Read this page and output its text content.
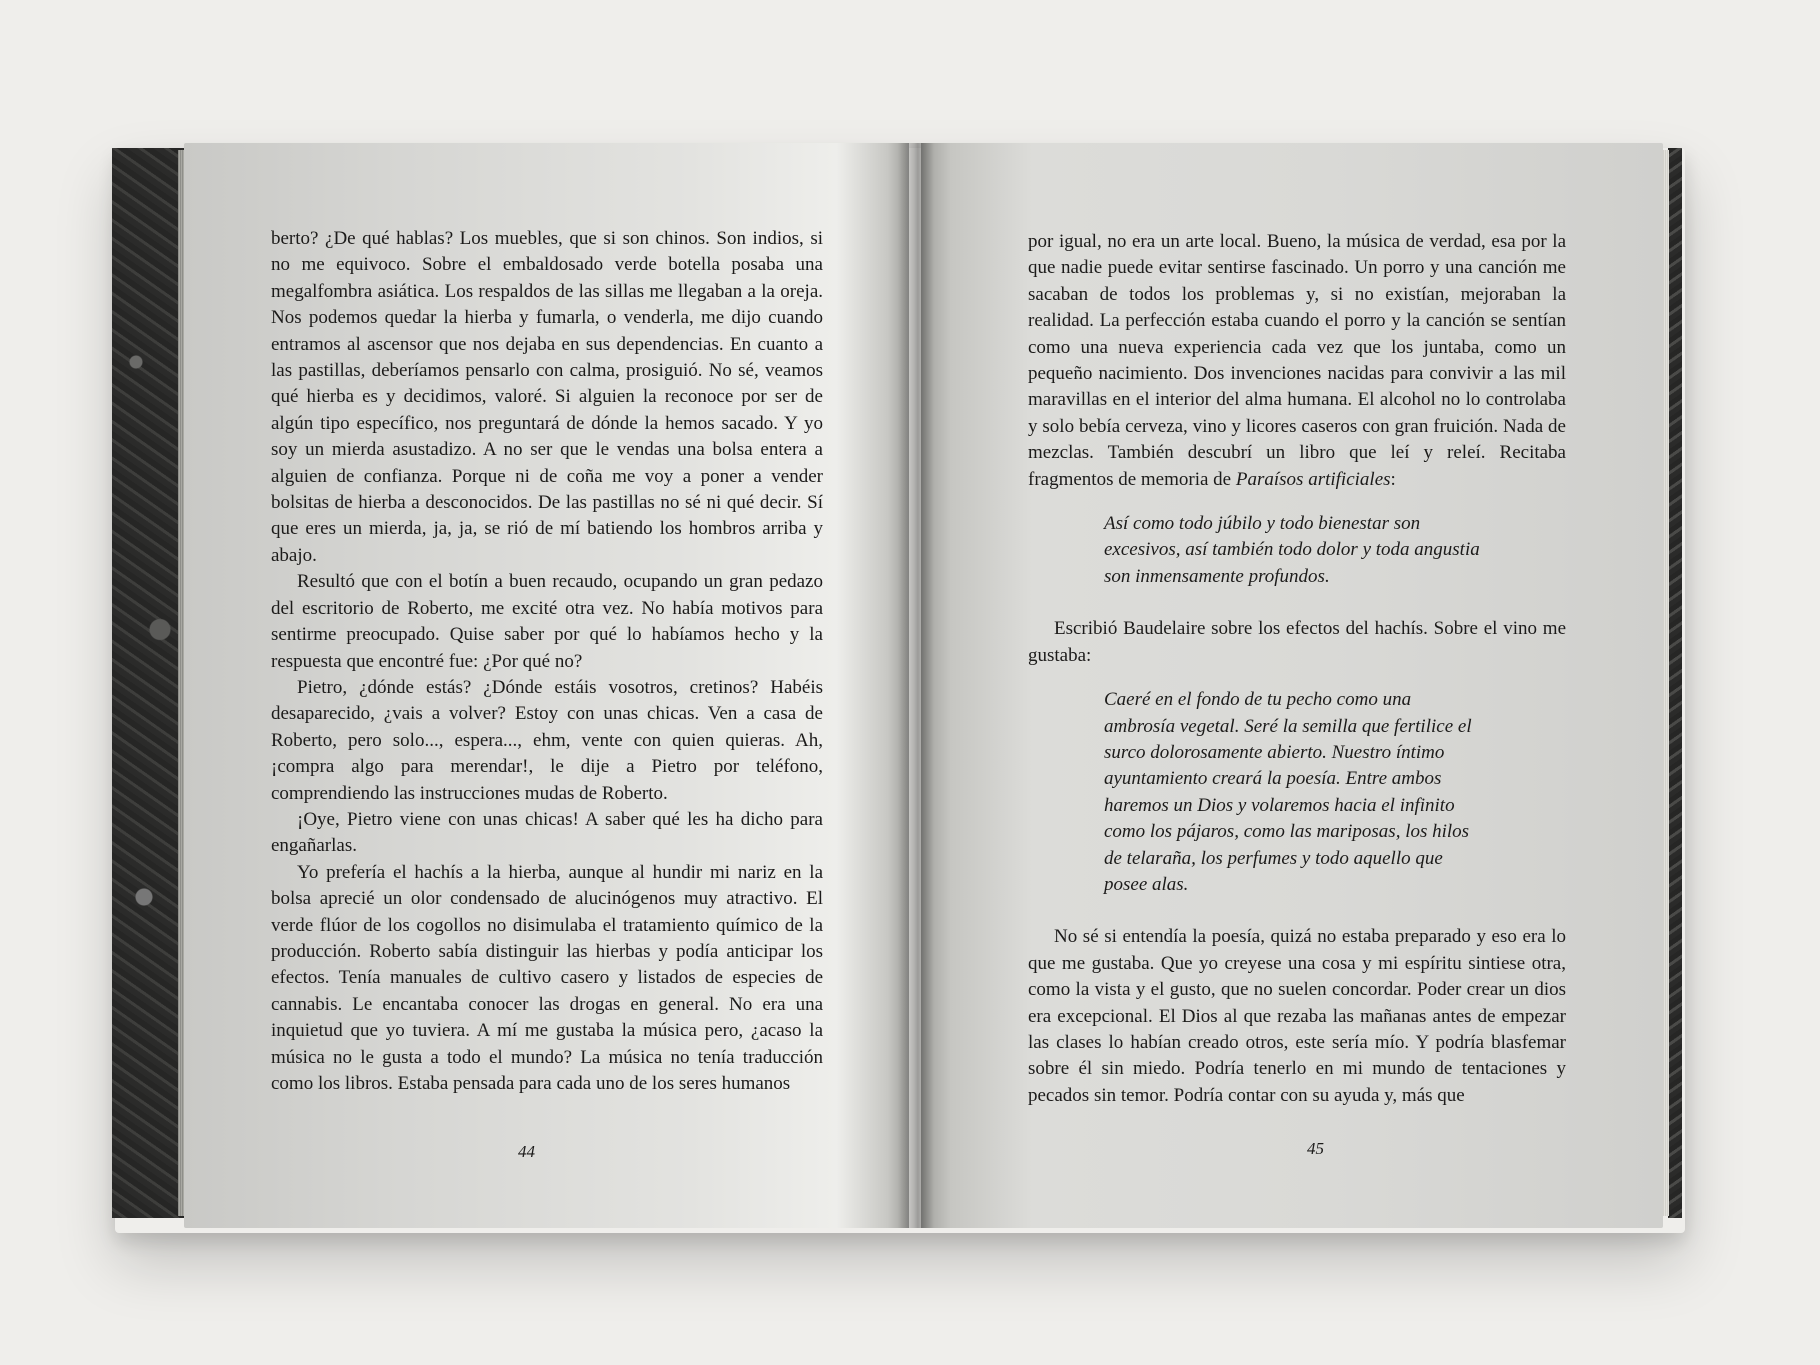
berto? ¿De qué hablas? Los muebles, que si son chinos. Son indios, si no me equivoco. Sobre el embaldosado verde botella posaba una megalfombra asiática. Los respaldos de las sillas me llegaban a la oreja. Nos podemos quedar la hierba y fumarla, o venderla, me dijo cuando entramos al ascensor que nos dejaba en sus dependencias. En cuanto a las pastillas, deberíamos pensarlo con calma, prosiguió. No sé, veamos qué hierba es y decidimos, valoré. Si alguien la reconoce por ser de algún tipo específico, nos preguntará de dónde la hemos sacado. Y yo soy un mierda asustadizo. A no ser que le vendas una bolsa entera a alguien de confianza. Porque ni de coña me voy a poner a vender bolsitas de hierba a desconocidos. De las pastillas no sé ni qué decir. Sí que eres un mierda, ja, ja, se rió de mí batiendo los hombros arriba y abajo.

Resultó que con el botín a buen recaudo, ocupando un gran pedazo del escritorio de Roberto, me excité otra vez. No había motivos para sentirme preocupado. Quise saber por qué lo habíamos hecho y la respuesta que encontré fue: ¿Por qué no?

Pietro, ¿dónde estás? ¿Dónde estáis vosotros, cretinos? Habéis desaparecido, ¿vais a volver? Estoy con unas chicas. Ven a casa de Roberto, pero solo..., espera..., ehm, vente con quien quieras. Ah, ¡compra algo para merendar!, le dije a Pietro por teléfono, comprendiendo las instrucciones mudas de Roberto.

¡Oye, Pietro viene con unas chicas! A saber qué les ha dicho para engañarlas.

Yo prefería el hachís a la hierba, aunque al hundir mi nariz en la bolsa aprecié un olor condensado de alucinógenos muy atractivo. El verde flúor de los cogollos no disimulaba el tratamiento químico de la producción. Roberto sabía distinguir las hierbas y podía anticipar los efectos. Tenía manuales de cultivo casero y listados de especies de cannabis. Le encantaba conocer las drogas en general. No era una inquietud que yo tuviera. A mí me gustaba la música pero, ¿acaso la música no le gusta a todo el mundo? La música no tenía traducción como los libros. Estaba pensada para cada uno de los seres humanos

44

por igual, no era un arte local. Bueno, la música de verdad, esa por la que nadie puede evitar sentirse fascinado. Un porro y una canción me sacaban de todos los problemas y, si no existían, mejoraban la realidad. La perfección estaba cuando el porro y la canción se sentían como una nueva experiencia cada vez que los juntaba, como un pequeño nacimiento. Dos invenciones nacidas para convivir a las mil maravillas en el interior del alma humana. El alcohol no lo controlaba y solo bebía cerveza, vino y licores caseros con gran fruición. Nada de mezclas. También descubrí un libro que leí y releí. Recitaba fragmentos de memoria de Paraísos artificiales:

Así como todo júbilo y todo bienestar son excesivos, así también todo dolor y toda angustia son inmensamente profundos.

Escribió Baudelaire sobre los efectos del hachís. Sobre el vino me gustaba:

Caeré en el fondo de tu pecho como una ambrosía vegetal. Seré la semilla que fertilice el surco dolorosamente abierto. Nuestro íntimo ayuntamiento creará la poesía. Entre ambos haremos un Dios y volaremos hacia el infinito como los pájaros, como las mariposas, los hilos de telaraña, los perfumes y todo aquello que posee alas.

No sé si entendía la poesía, quizá no estaba preparado y eso era lo que me gustaba. Que yo creyese una cosa y mi espíritu sintiese otra, como la vista y el gusto, que no suelen concordar. Poder crear un dios era excepcional. El Dios al que rezaba las mañanas antes de empezar las clases lo habían creado otros, este sería mío. Y podría blasfemar sobre él sin miedo. Podría tenerlo en mi mundo de tentaciones y pecados sin temor. Podría contar con su ayuda y, más que

45
